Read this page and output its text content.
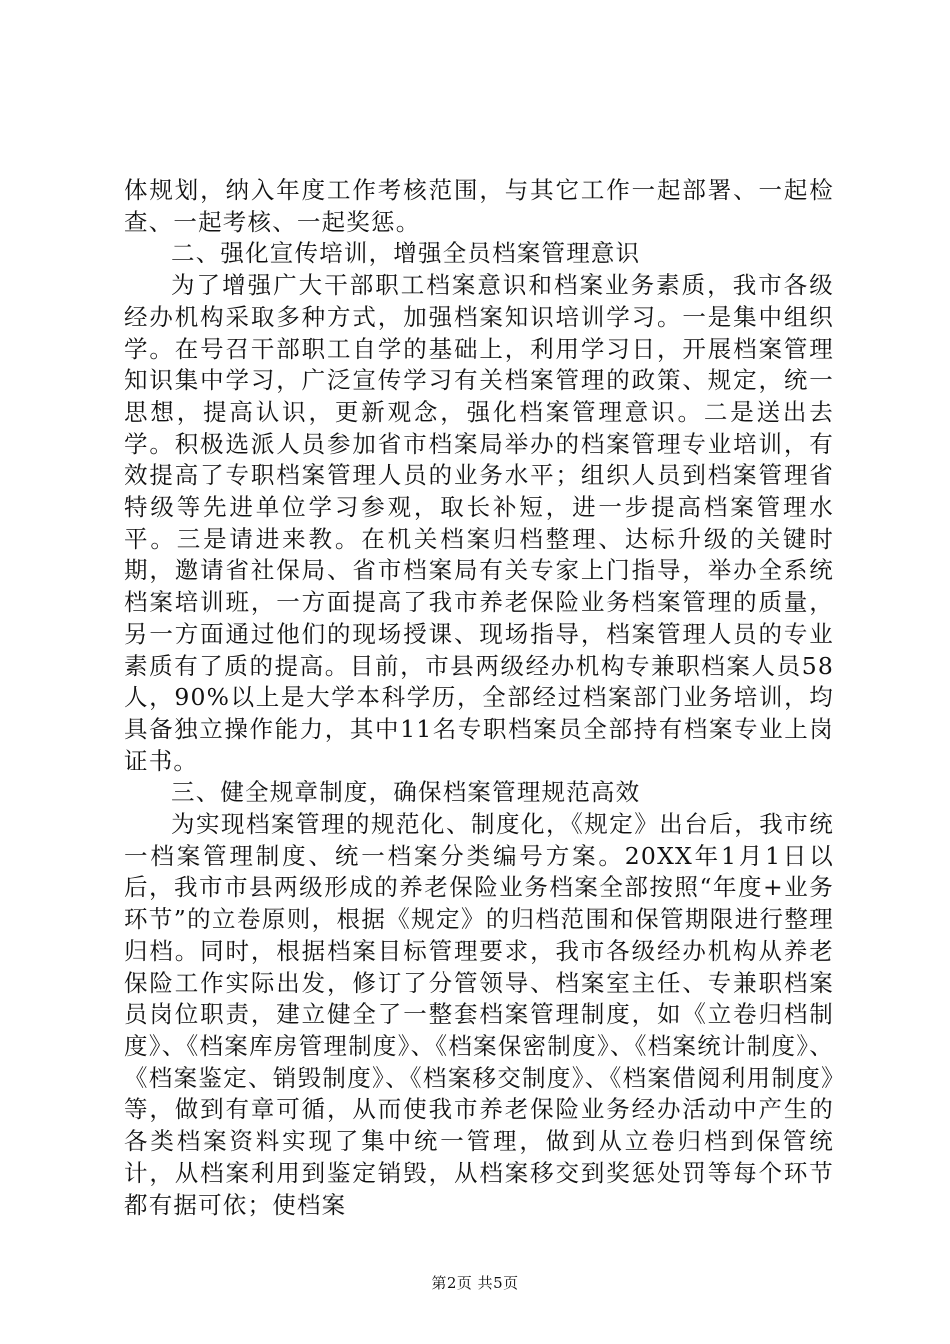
体规划，纳入年度工作考核范围，与其它工作一起部署、一起检查、一起考核、一起奖惩。

二、强化宣传培训，增强全员档案管理意识

为了增强广大干部职工档案意识和档案业务素质，我市各级经办机构采取多种方式，加强档案知识培训学习。一是集中组织学。在号召干部职工自学的基础上，利用学习日，开展档案管理知识集中学习，广泛宣传学习有关档案管理的政策、规定，统一思想，提高认识，更新观念，强化档案管理意识。二是送出去学。积极选派人员参加省市档案局举办的档案管理专业培训，有效提高了专职档案管理人员的业务水平；组织人员到档案管理省特级等先进单位学习参观，取长补短，进一步提高档案管理水平。三是请进来教。在机关档案归档整理、达标升级的关键时期，邀请省社保局、省市档案局有关专家上门指导，举办全系统档案培训班，一方面提高了我市养老保险业务档案管理的质量，另一方面通过他们的现场授课、现场指导，档案管理人员的专业素质有了质的提高。目前，市县两级经办机构专兼职档案人员58人，90%以上是大学本科学历，全部经过档案部门业务培训，均具备独立操作能力，其中11名专职档案员全部持有档案专业上岗证书。

三、健全规章制度，确保档案管理规范高效

为实现档案管理的规范化、制度化，《规定》出台后，我市统一档案管理制度、统一档案分类编号方案。20XX年1月1日以后，我市市县两级形成的养老保险业务档案全部按照“年度+业务环节”的立卷原则，根据《规定》的归档范围和保管期限进行整理归档。同时，根据档案目标管理要求，我市各级经办机构从养老保险工作实际出发，修订了分管领导、档案室主任、专兼职档案员岗位职责，建立健全了一整套档案管理制度，如《立卷归档制度》、《档案库房管理制度》、《档案保密制度》、《档案统计制度》、《档案鉴定、销毁制度》、《档案移交制度》、《档案借阅利用制度》等，做到有章可循，从而使我市养老保险业务经办活动中产生的各类档案资料实现了集中统一管理，做到从立卷归档到保管统计，从档案利用到鉴定销毁，从档案移交到奖惩处罚等每个环节都有据可依；使档案

第2页 共5页
